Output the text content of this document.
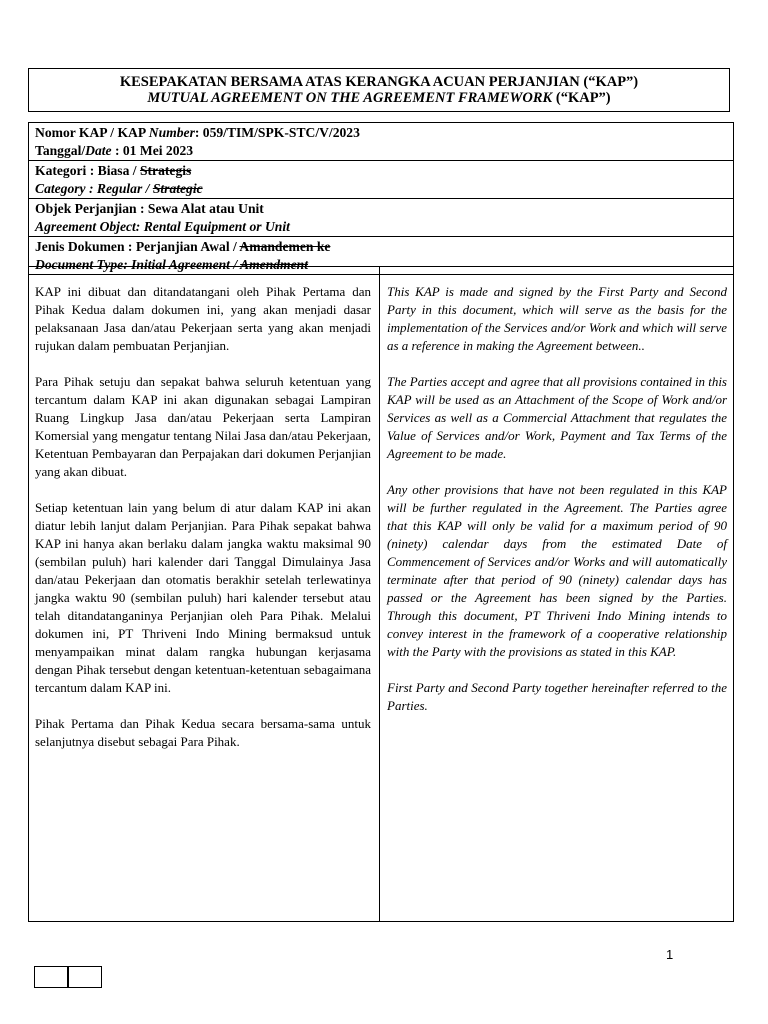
KESEPAKATAN BERSAMA ATAS KERANGKA ACUAN PERJANJIAN (“KAP”)
MUTUAL AGREEMENT ON THE AGREEMENT FRAMEWORK (“KAP”)
Nomor KAP / KAP Number: 059/TIM/SPK-STC/V/2023
Tanggal/Date : 01 Mei 2023

Kategori : Biasa / Strategis
Category : Regular / Strategic

Objek Perjanjian : Sewa Alat atau Unit
Agreement Object: Rental Equipment or Unit

Jenis Dokumen : Perjanjian Awal / Amandemen ke
Document Type: Initial Agreement / Amendment

KAP ini dibuat dan ditandatangani oleh Pihak Pertama dan Pihak Kedua dalam dokumen ini, yang akan menjadi dasar pelaksanaan Jasa dan/atau Pekerjaan serta yang akan menjadi rujukan dalam pembuatan Perjanjian.

Para Pihak setuju dan sepakat bahwa seluruh ketentuan yang tercantum dalam KAP ini akan digunakan sebagai Lampiran Ruang Lingkup Jasa dan/atau Pekerjaan serta Lampiran Komersial yang mengatur tentang Nilai Jasa dan/atau Pekerjaan, Ketentuan Pembayaran dan Perpajakan dari dokumen Perjanjian yang akan dibuat.

Setiap ketentuan lain yang belum di atur dalam KAP ini akan diatur lebih lanjut dalam Perjanjian. Para Pihak sepakat bahwa KAP ini hanya akan berlaku dalam jangka waktu maksimal 90 (sembilan puluh) hari kalender dari Tanggal Dimulainya Jasa dan/atau Pekerjaan dan otomatis berakhir setelah terlewatinya jangka waktu 90 (sembilan puluh) hari kalender tersebut atau telah ditandatanganinya Perjanjian oleh Para Pihak. Melalui dokumen ini, PT Thriveni Indo Mining bermaksud untuk menyampaikan minat dalam rangka hubungan kerjasama dengan Pihak tersebut dengan ketentuan-ketentuan sebagaimana tercantum dalam KAP ini.

Pihak Pertama dan Pihak Kedua secara bersama-sama untuk selanjutnya disebut sebagai Para Pihak.

This KAP is made and signed by the First Party and Second Party in this document, which will serve as the basis for the implementation of the Services and/or Work and which will serve as a reference in making the Agreement between..

The Parties accept and agree that all provisions contained in this KAP will be used as an Attachment of the Scope of Work and/or Services as well as a Commercial Attachment that regulates the Value of Services and/or Work, Payment and Tax Terms of the Agreement to be made.

Any other provisions that have not been regulated in this KAP will be further regulated in the Agreement. The Parties agree that this KAP will only be valid for a maximum period of 90 (ninety) calendar days from the estimated Date of Commencement of Services and/or Works and will automatically terminate after that period of 90 (ninety) calendar days has passed or the Agreement has been signed by the Parties. Through this document, PT Thriveni Indo Mining intends to convey interest in the framework of a cooperative relationship with the Party with the provisions as stated in this KAP.

First Party and Second Party together hereinafter referred to the Parties.

1
